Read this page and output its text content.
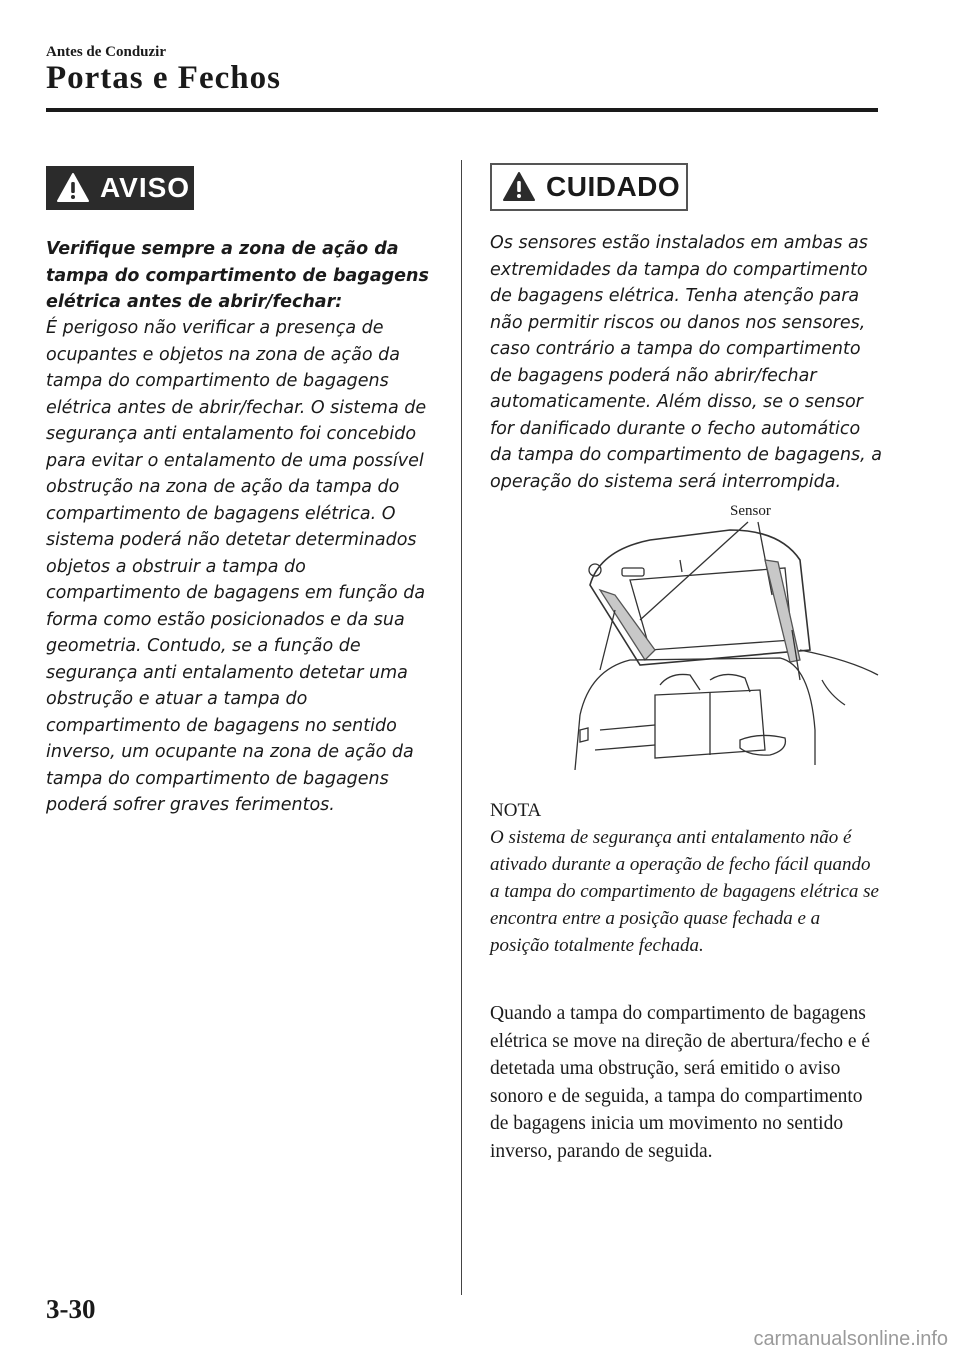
Antes de Conduzir
Portas e Fechos
AVISO
Verifique sempre a zona de ação da tampa do compartimento de bagagens elétrica antes de abrir/fechar:

É perigoso não verificar a presença de ocupantes e objetos na zona de ação da tampa do compartimento de bagagens elétrica antes de abrir/fechar. O sistema de segurança anti entalamento foi concebido para evitar o entalamento de uma possível obstrução na zona de ação da tampa do compartimento de bagagens elétrica. O sistema poderá não detetar determinados objetos a obstruir a tampa do compartimento de bagagens em função da forma como estão posicionados e da sua geometria. Contudo, se a função de segurança anti entalamento detetar uma obstrução e atuar a tampa do compartimento de bagagens no sentido inverso, um ocupante na zona de ação da tampa do compartimento de bagagens poderá sofrer graves ferimentos.

CUIDADO

Os sensores estão instalados em ambas as extremidades da tampa do compartimento de bagagens elétrica. Tenha atenção para não permitir riscos ou danos nos sensores, caso contrário a tampa do compartimento de bagagens poderá não abrir/fechar automaticamente. Além disso, se o sensor for danificado durante o fecho automático da tampa do compartimento de bagagens, a operação do sistema será interrompida.

Sensor
NOTA

O sistema de segurança anti entalamento não é ativado durante a operação de fecho fácil quando a tampa do compartimento de bagagens elétrica se encontra entre a posição quase fechada e a posição totalmente fechada.

Quando a tampa do compartimento de bagagens elétrica se move na direção de abertura/fecho e é detetada uma obstrução, será emitido o aviso sonoro e de seguida, a tampa do compartimento de bagagens inicia um movimento no sentido inverso, parando de seguida.

3-30
carmanualsonline.info
